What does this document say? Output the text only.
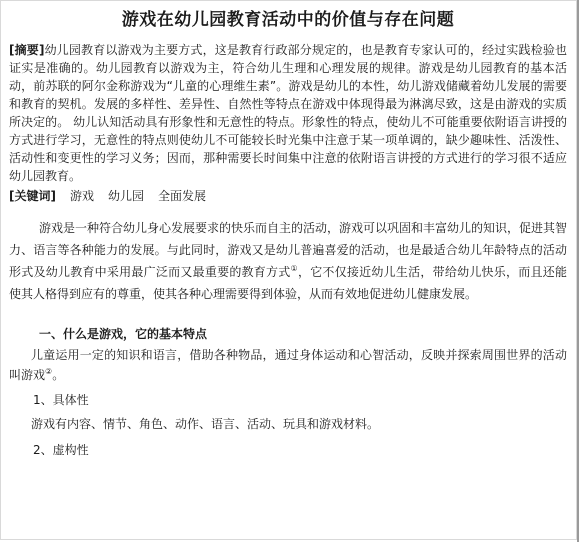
游戏在幼儿园教育活动中的价值与存在问题

[摘要]幼儿园教育以游戏为主要方式，这是教育行政部分规定的，也是教育专家认可的，经过实践检验也证实是准确的。幼儿园教育以游戏为主，符合幼儿生理和心理发展的规律。游戏是幼儿园教育的基本活动，前苏联的阿尔金称游戏为“儿童的心理维生素”。游戏是幼儿的本性，幼儿游戏储藏着幼儿发展的需要和教育的契机。发展的多样性、差异性、自然性等特点在游戏中体现得最为淋漓尽致，这是由游戏的实质所决定的。 幼儿认知活动具有形象性和无意性的特点。形象性的特点，使幼儿不可能重要依附语言讲授的方式进行学习，无意性的特点则使幼儿不可能较长时光集中注意于某一项单调的，缺少趣味性、活泼性、活动性和变更性的学习义务；因而，那种需要长时间集中注意的依附语言讲授的方式进行的学习很不适应幼儿园教育。

[关键词] 游戏 幼儿园 全面发展

游戏是一种符合幼儿身心发展要求的快乐而自主的活动，游戏可以巩固和丰富幼儿的知识，促进其智力、语言等各种能力的发展。与此同时，游戏又是幼儿普遍喜爱的活动，也是最适合幼儿年龄特点的活动形式及幼儿教育中采用最广泛而又最重要的教育方式①，它不仅接近幼儿生活，带给幼儿快乐，而且还能使其人格得到应有的尊重，使其各种心理需要得到体验，从而有效地促进幼儿健康发展。

一、什么是游戏，它的基本特点

儿童运用一定的知识和语言，借助各种物品，通过身体运动和心智活动，反映并探索周围世界的活动叫游戏②。

1、具体性

游戏有内容、情节、角色、动作、语言、活动、玩具和游戏材料。

2、虚构性
